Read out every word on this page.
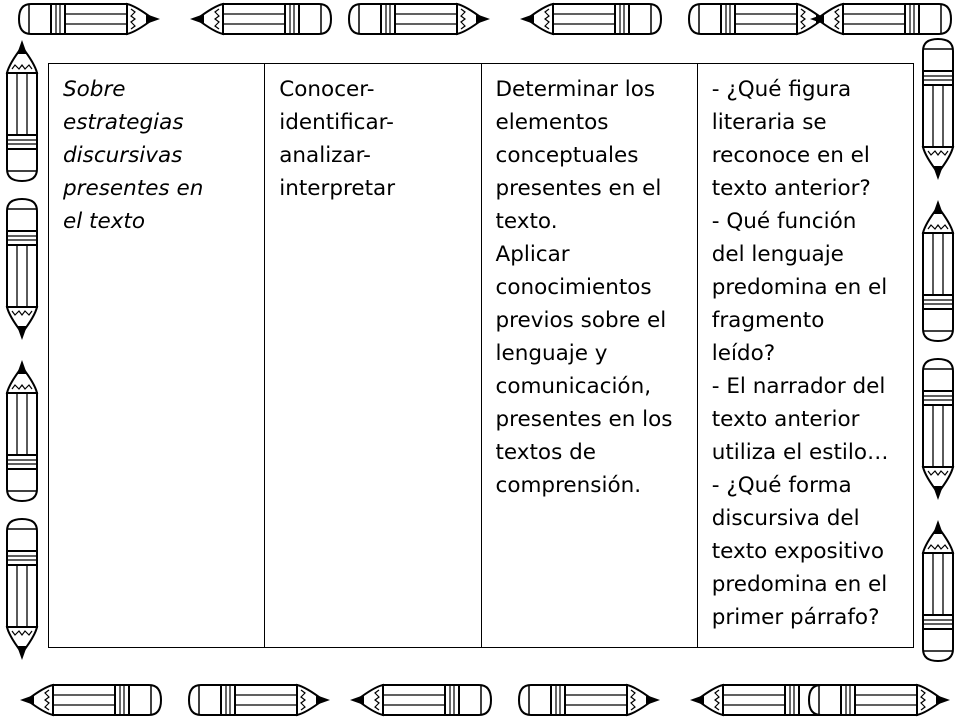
Sobre
estrategias
discursivas
presentes en
el texto

Conocer-
identificar-
analizar-
interpretar

Determinar los
elementos
conceptuales
presentes en el
texto.
Aplicar
conocimientos
previos sobre el
lenguaje y
comunicación,
presentes en los
textos de
comprensión.

- ¿Qué figura
literaria se
reconoce en el
texto anterior?
- Qué función
del lenguaje
predomina en el
fragmento
leído?
- El narrador del
texto anterior
utiliza el estilo…
- ¿Qué forma
discursiva del
texto expositivo
predomina en el
primer párrafo?
